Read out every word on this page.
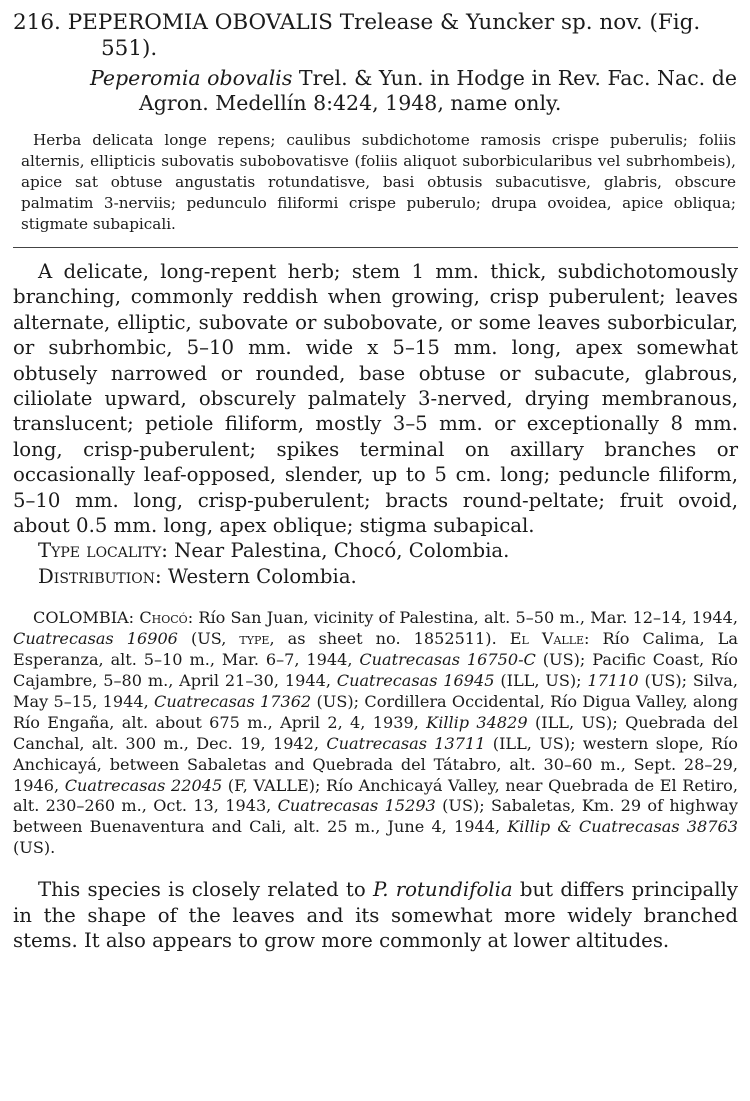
216. PEPEROMIA OBOVALIS Trelease & Yuncker sp. nov. (Fig.
551).
Peperomia obovalis Trel. & Yun. in Hodge in Rev. Fac. Nac. de
Agron. Medellín 8:424, 1948, name only.

Herba delicata longe repens; caulibus subdichotome ramosis crispe puberulis; foliis alternis, ellipticis subovatis subobovatisve (foliis aliquot suborbicularibus vel subrhombeis), apice sat obtuse angustatis rotundatisve, basi obtusis subacutisve, glabris, obscure palmatim 3-nerviis; pedunculo filiformi crispe puberulo; drupa ovoidea, apice obliqua; stigmate subapicali.

A delicate, long-repent herb; stem 1 mm. thick, subdichotomously branching, commonly reddish when growing, crisp puberulent; leaves alternate, elliptic, subovate or subobovate, or some leaves suborbicular, or subrhombic, 5–10 mm. wide x 5–15 mm. long, apex somewhat obtusely narrowed or rounded, base obtuse or subacute, glabrous, ciliolate upward, obscurely palmately 3-nerved, drying membranous, translucent; petiole filiform, mostly 3–5 mm. or exceptionally 8 mm. long, crisp-puberulent; spikes terminal on axillary branches or occasionally leaf-opposed, slender, up to 5 cm. long; peduncle filiform, 5–10 mm. long, crisp-puberulent; bracts round-peltate; fruit ovoid, about 0.5 mm. long, apex oblique; stigma subapical.

Type locality: Near Palestina, Chocó, Colombia.
Distribution: Western Colombia.

COLOMBIA: Chocó: Río San Juan, vicinity of Palestina, alt. 5–50 m., Mar. 12–14, 1944, Cuatrecasas 16906 (US, type, as sheet no. 1852511). El Valle: Río Calima, La Esperanza, alt. 5–10 m., Mar. 6–7, 1944, Cuatrecasas 16750-C (US); Pacific Coast, Río Cajambre, 5–80 m., April 21–30, 1944, Cuatrecasas 16945 (ILL, US); 17110 (US); Silva, May 5–15, 1944, Cuatrecasas 17362 (US); Cordillera Occidental, Río Digua Valley, along Río Engaña, alt. about 675 m., April 2, 4, 1939, Killip 34829 (ILL, US); Quebrada del Canchal, alt. 300 m., Dec. 19, 1942, Cuatrecasas 13711 (ILL, US); western slope, Río Anchicayá, between Sabaletas and Quebrada del Tátabro, alt. 30–60 m., Sept. 28–29, 1946, Cuatrecasas 22045 (F, VALLE); Río Anchicayá Valley, near Quebrada de El Retiro, alt. 230–260 m., Oct. 13, 1943, Cuatrecasas 15293 (US); Sabaletas, Km. 29 of highway between Buenaventura and Cali, alt. 25 m., June 4, 1944, Killip & Cuatrecasas 38763 (US).

This species is closely related to P. rotundifolia but differs principally in the shape of the leaves and its somewhat more widely branched stems. It also appears to grow more commonly at lower altitudes.
